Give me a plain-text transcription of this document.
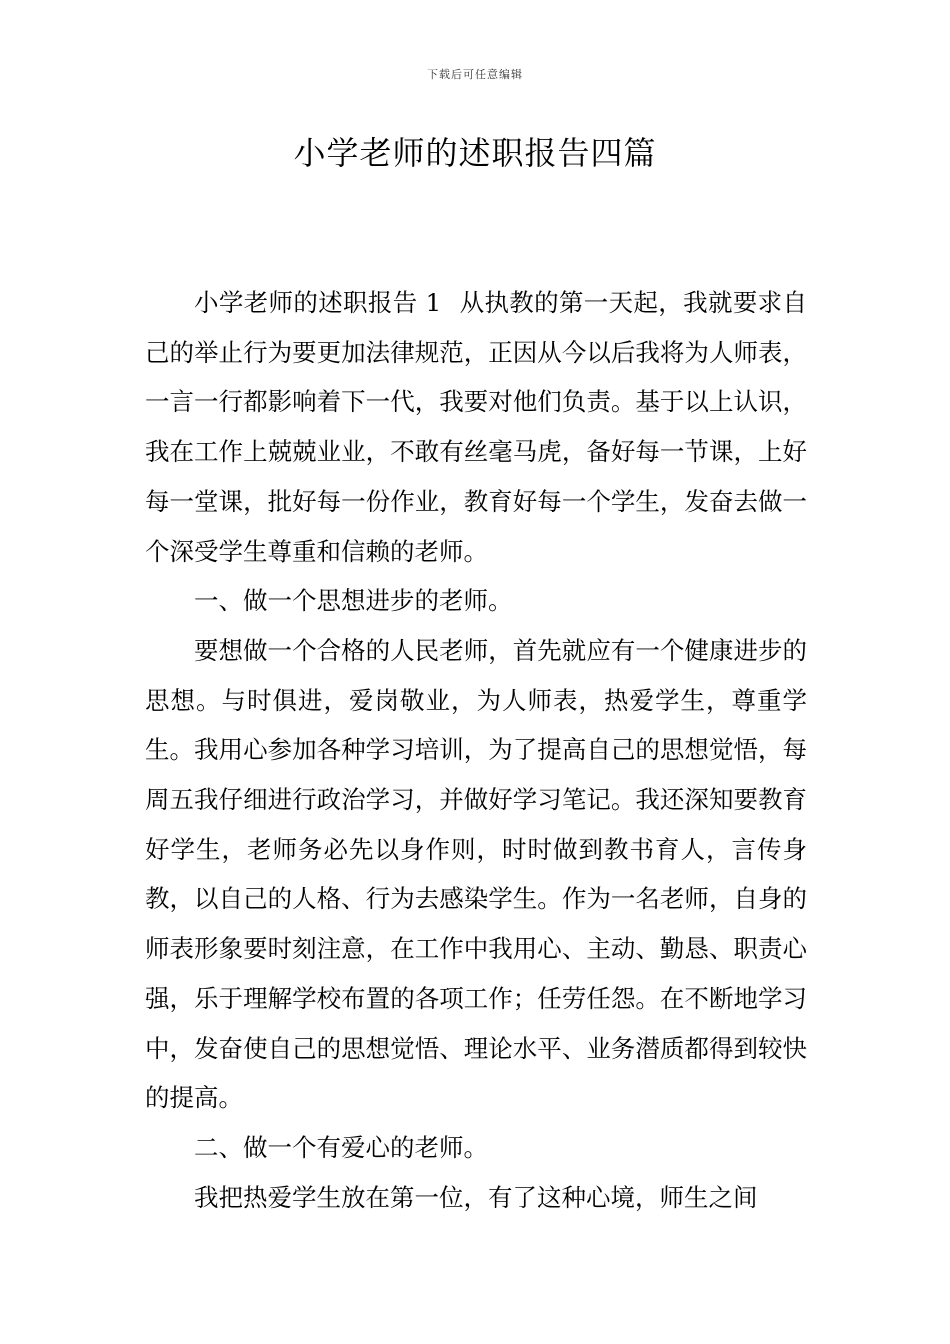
下载后可任意编辑
小学老师的述职报告四篇

小学老师的述职报告 1 从执教的第一天起，我就要求自己的举止行为要更加法律规范，正因从今以后我将为人师表，一言一行都影响着下一代，我要对他们负责。基于以上认识，我在工作上兢兢业业，不敢有丝毫马虎，备好每一节课，上好每一堂课，批好每一份作业，教育好每一个学生，发奋去做一个深受学生尊重和信赖的老师。

一、做一个思想进步的老师。

要想做一个合格的人民老师，首先就应有一个健康进步的思想。与时俱进，爱岗敬业，为人师表，热爱学生，尊重学生。我用心参加各种学习培训，为了提高自己的思想觉悟，每周五我仔细进行政治学习，并做好学习笔记。我还深知要教育好学生，老师务必先以身作则，时时做到教书育人，言传身教，以自己的人格、行为去感染学生。作为一名老师，自身的师表形象要时刻注意，在工作中我用心、主动、勤恳、职责心强，乐于理解学校布置的各项工作；任劳任怨。在不断地学习中，发奋使自己的思想觉悟、理论水平、业务潜质都得到较快的提高。

二、做一个有爱心的老师。

我把热爱学生放在第一位，有了这种心境，师生之间
